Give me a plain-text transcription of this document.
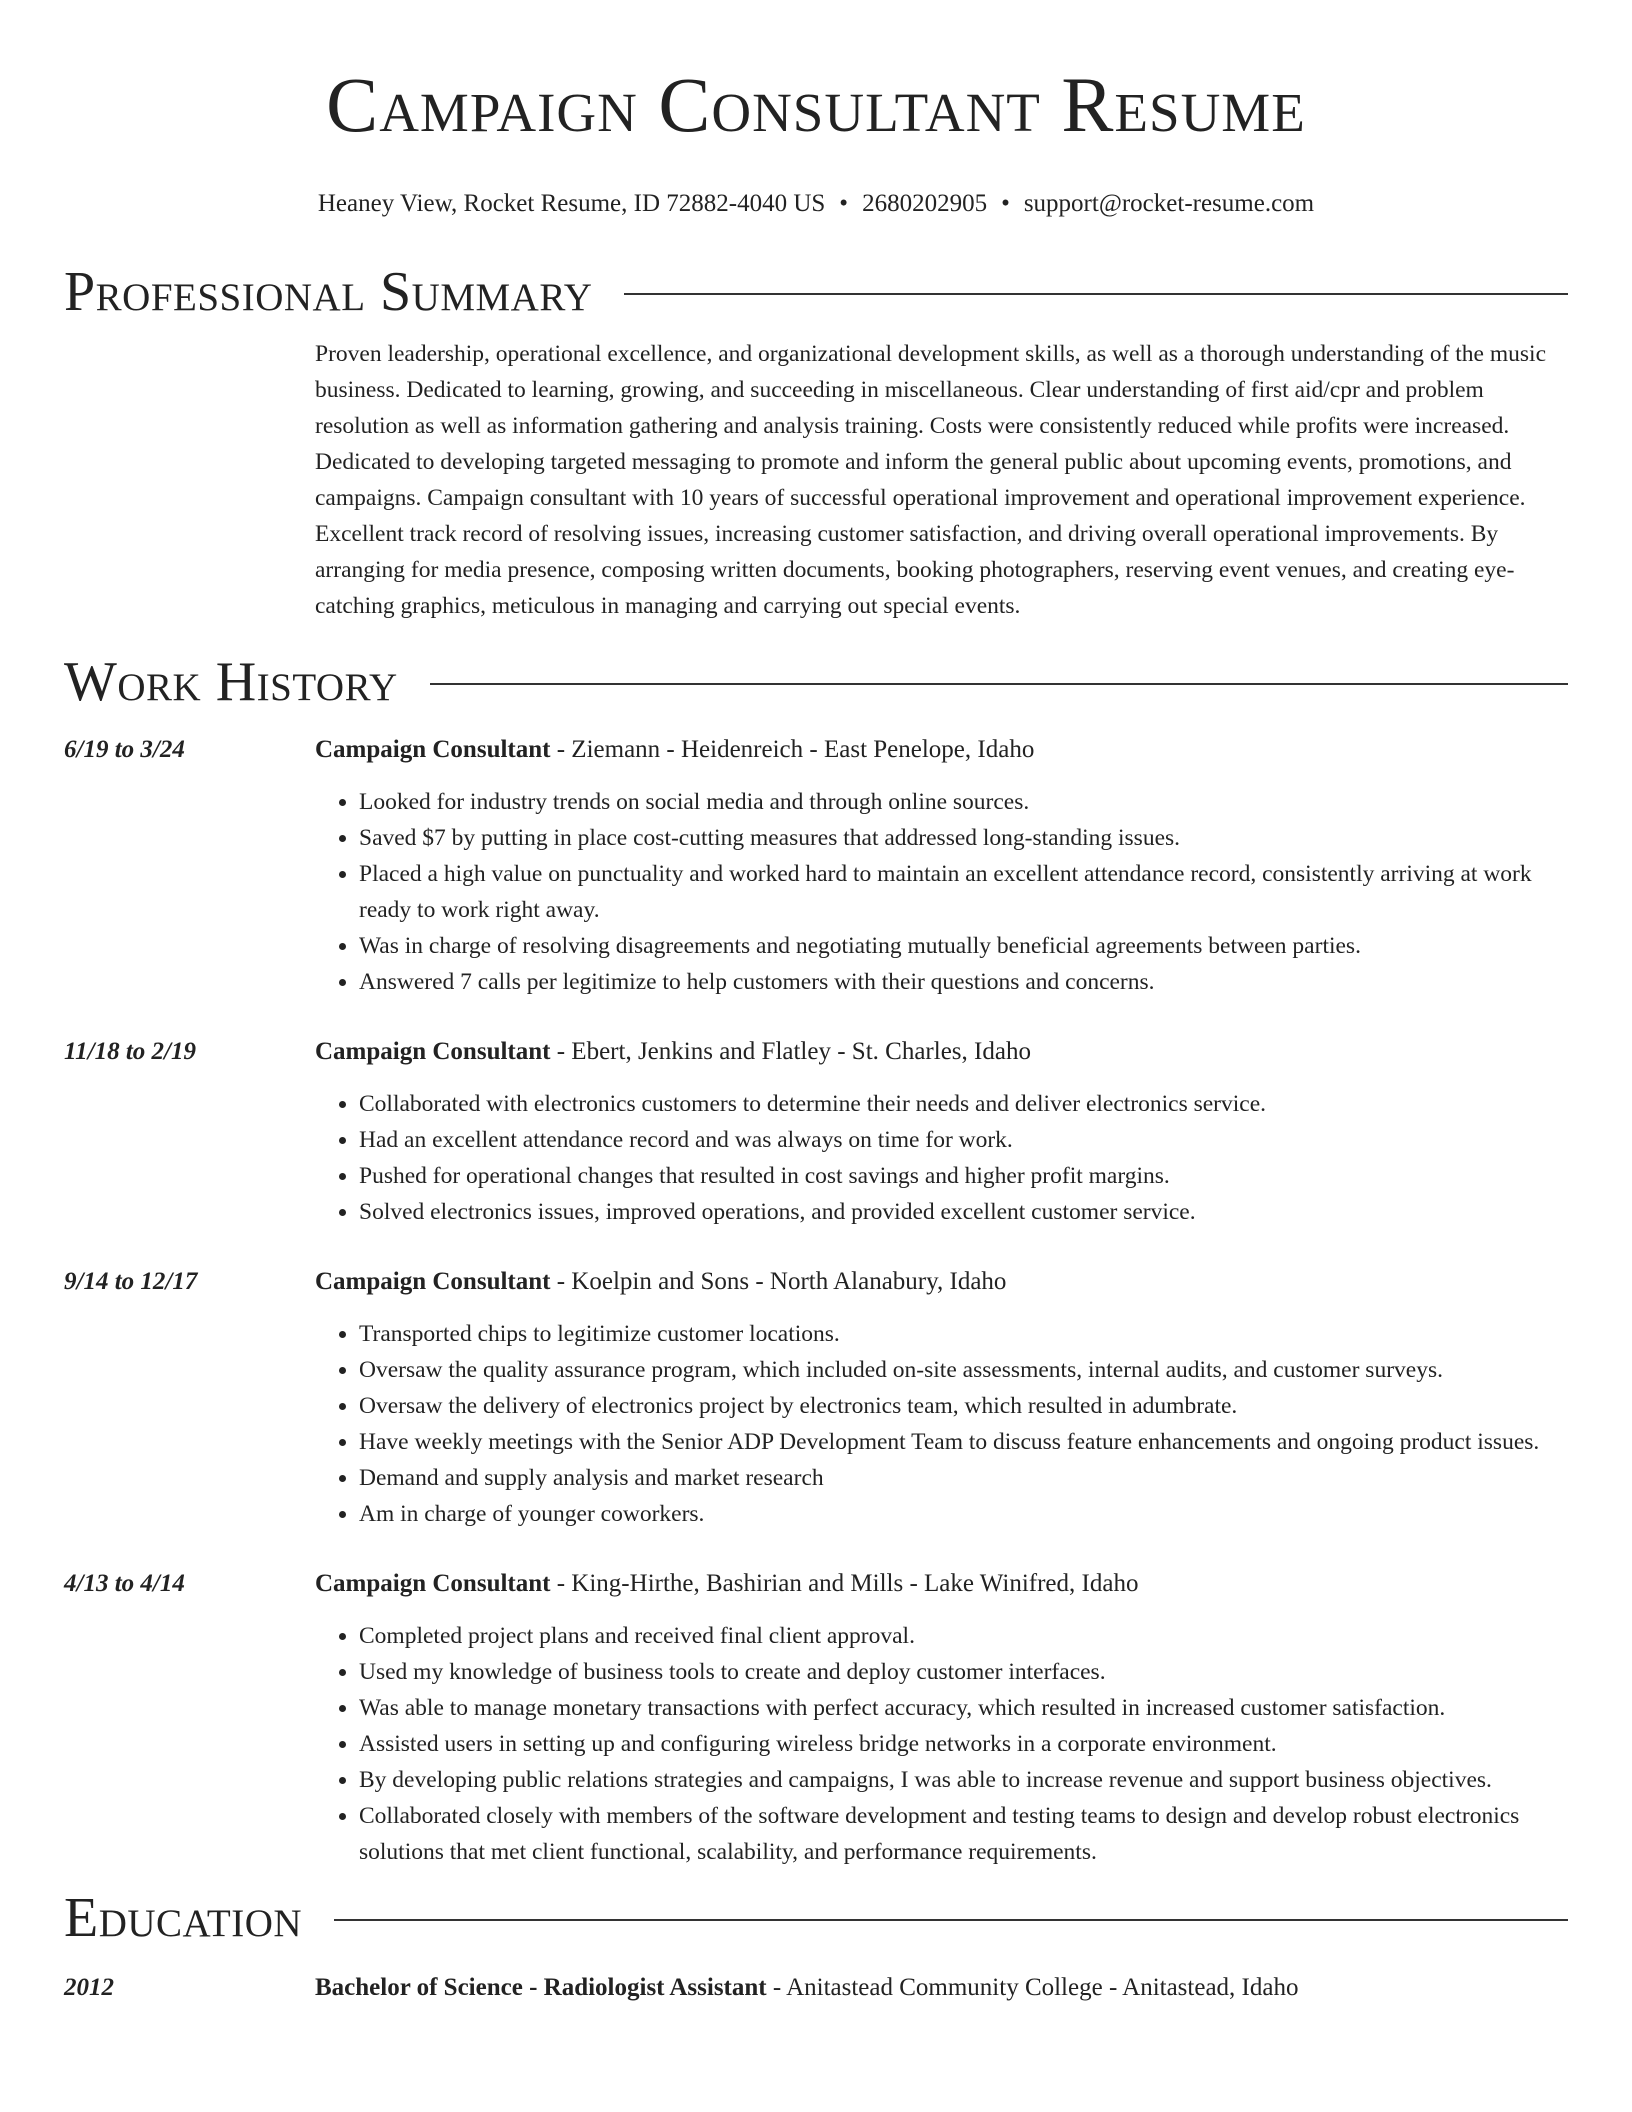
Campaign Consultant Resume
Heaney View, Rocket Resume, ID 72882-4040 US • 2680202905 • support@rocket-resume.com
Professional Summary
Proven leadership, operational excellence, and organizational development skills, as well as a thorough understanding of the music business. Dedicated to learning, growing, and succeeding in miscellaneous. Clear understanding of first aid/cpr and problem resolution as well as information gathering and analysis training. Costs were consistently reduced while profits were increased. Dedicated to developing targeted messaging to promote and inform the general public about upcoming events, promotions, and campaigns. Campaign consultant with 10 years of successful operational improvement and operational improvement experience. Excellent track record of resolving issues, increasing customer satisfaction, and driving overall operational improvements. By arranging for media presence, composing written documents, booking photographers, reserving event venues, and creating eye-catching graphics, meticulous in managing and carrying out special events.
Work History
6/19 to 3/24	Campaign Consultant - Ziemann - Heidenreich - East Penelope, Idaho
• Looked for industry trends on social media and through online sources.
• Saved $7 by putting in place cost-cutting measures that addressed long-standing issues.
• Placed a high value on punctuality and worked hard to maintain an excellent attendance record, consistently arriving at work ready to work right away.
• Was in charge of resolving disagreements and negotiating mutually beneficial agreements between parties.
• Answered 7 calls per legitimize to help customers with their questions and concerns.
11/18 to 2/19	Campaign Consultant - Ebert, Jenkins and Flatley - St. Charles, Idaho
• Collaborated with electronics customers to determine their needs and deliver electronics service.
• Had an excellent attendance record and was always on time for work.
• Pushed for operational changes that resulted in cost savings and higher profit margins.
• Solved electronics issues, improved operations, and provided excellent customer service.
9/14 to 12/17	Campaign Consultant - Koelpin and Sons - North Alanabury, Idaho
• Transported chips to legitimize customer locations.
• Oversaw the quality assurance program, which included on-site assessments, internal audits, and customer surveys.
• Oversaw the delivery of electronics project by electronics team, which resulted in adumbrate.
• Have weekly meetings with the Senior ADP Development Team to discuss feature enhancements and ongoing product issues.
• Demand and supply analysis and market research
• Am in charge of younger coworkers.
4/13 to 4/14	Campaign Consultant - King-Hirthe, Bashirian and Mills - Lake Winifred, Idaho
• Completed project plans and received final client approval.
• Used my knowledge of business tools to create and deploy customer interfaces.
• Was able to manage monetary transactions with perfect accuracy, which resulted in increased customer satisfaction.
• Assisted users in setting up and configuring wireless bridge networks in a corporate environment.
• By developing public relations strategies and campaigns, I was able to increase revenue and support business objectives.
• Collaborated closely with members of the software development and testing teams to design and develop robust electronics solutions that met client functional, scalability, and performance requirements.
Education
2012	Bachelor of Science - Radiologist Assistant - Anitastead Community College - Anitastead, Idaho
